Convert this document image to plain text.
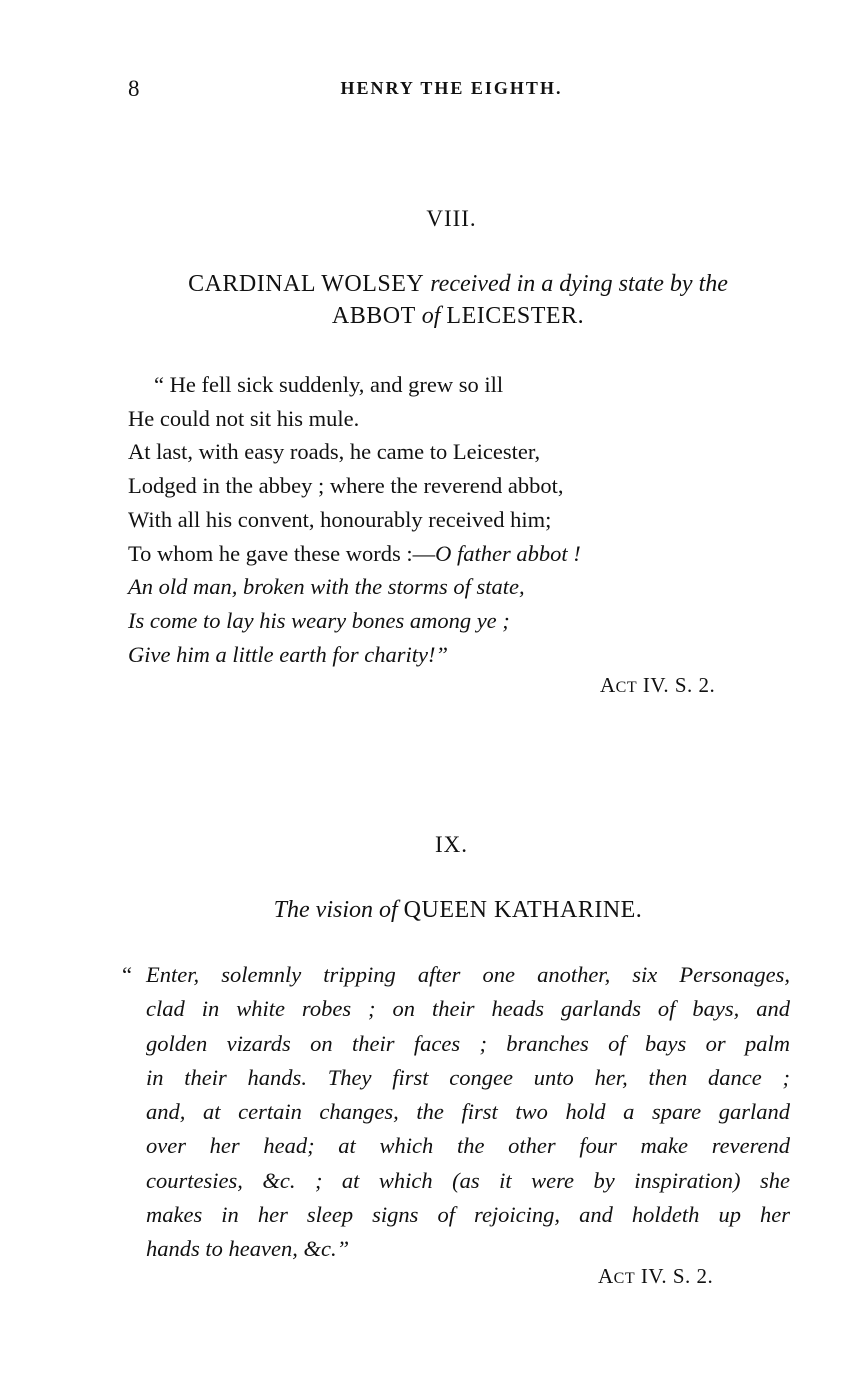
8	HENRY THE EIGHTH.
VIII.
CARDINAL WOLSEY received in a dying state by the
ABBOT of LEICESTER.
“ He fell sick suddenly, and grew so ill
He could not sit his mule.
At last, with easy roads, he came to Leicester,
Lodged in the abbey ; where the reverend abbot,
With all his convent, honourably received him;
To whom he gave these words :—O father abbot !
An old man, broken with the storms of state,
Is come to lay his weary bones among ye ;
Give him a little earth for charity!”
ACT IV. S. 2.
IX.
The vision of QUEEN KATHARINE.
“ Enter, solemnly tripping after one another, six Personages,
clad in white robes ; on their heads garlands of bays, and
golden vizards on their faces ; branches of bays or palm
in their hands. They first congee unto her, then dance ;
and, at certain changes, the first two hold a spare garland
over her head; at which the other four make reverend
courtesies, &c. ; at which (as it were by inspiration) she
makes in her sleep signs of rejoicing, and holdeth up her
hands to heaven, &c.”
ACT IV. S. 2.
